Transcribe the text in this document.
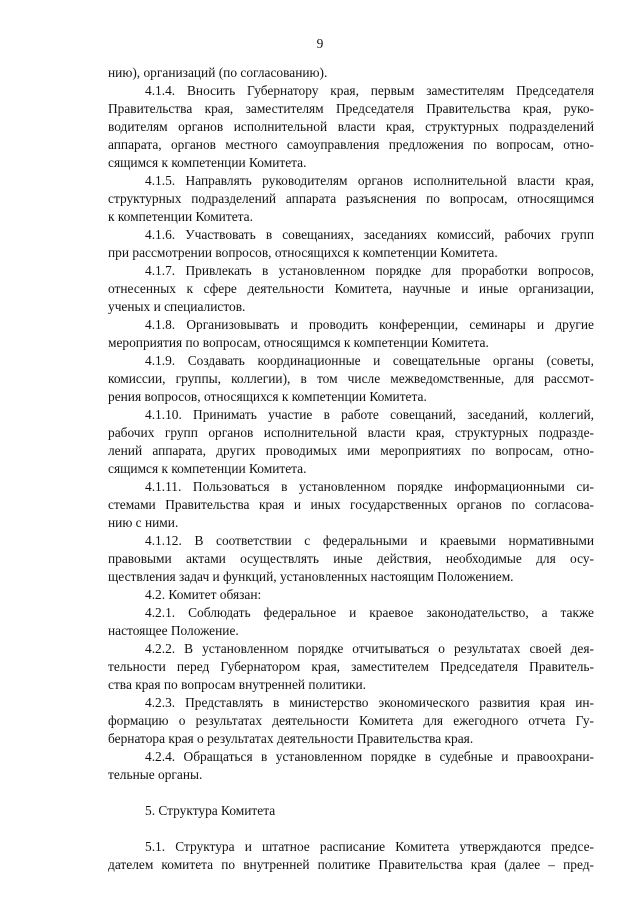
9
нию), организаций (по согласованию).
4.1.4. Вносить Губернатору края, первым заместителям Председателя
Правительства края, заместителям Председателя Правительства края, руко-
водителям органов исполнительной власти края, структурных подразделений
аппарата, органов местного самоуправления предложения по вопросам, отно-
сящимся к компетенции Комитета.
4.1.5. Направлять руководителям органов исполнительной власти края,
структурных подразделений аппарата разъяснения по вопросам, относящимся
к компетенции Комитета.
4.1.6. Участвовать в совещаниях, заседаниях комиссий, рабочих групп
при рассмотрении вопросов, относящихся к компетенции Комитета.
4.1.7. Привлекать в установленном порядке для проработки вопросов,
отнесенных к сфере деятельности Комитета, научные и иные организации,
ученых и специалистов.
4.1.8. Организовывать и проводить конференции, семинары и другие
мероприятия по вопросам, относящимся к компетенции Комитета.
4.1.9. Создавать координационные и совещательные органы (советы,
комиссии, группы, коллегии), в том числе межведомственные, для рассмот-
рения вопросов, относящихся к компетенции Комитета.
4.1.10. Принимать участие в работе совещаний, заседаний, коллегий,
рабочих групп органов исполнительной власти края, структурных подразде-
лений аппарата, других проводимых ими мероприятиях по вопросам, отно-
сящимся к компетенции Комитета.
4.1.11. Пользоваться в установленном порядке информационными си-
стемами Правительства края и иных государственных органов по согласова-
нию с ними.
4.1.12. В соответствии с федеральными и краевыми нормативными
правовыми актами осуществлять иные действия, необходимые для осу-
ществления задач и функций, установленных настоящим Положением.
4.2. Комитет обязан:
4.2.1. Соблюдать федеральное и краевое законодательство, а также
настоящее Положение.
4.2.2. В установленном порядке отчитываться о результатах своей дея-
тельности перед Губернатором края, заместителем Председателя Правитель-
ства края по вопросам внутренней политики.
4.2.3. Представлять в министерство экономического развития края ин-
формацию о результатах деятельности Комитета для ежегодного отчета Гу-
бернатора края о результатах деятельности Правительства края.
4.2.4. Обращаться в установленном порядке в судебные и правоохрани-
тельные органы.
5. Структура Комитета
5.1. Структура и штатное расписание Комитета утверждаются предсе-
дателем комитета по внутренней политике Правительства края (далее – пред-
